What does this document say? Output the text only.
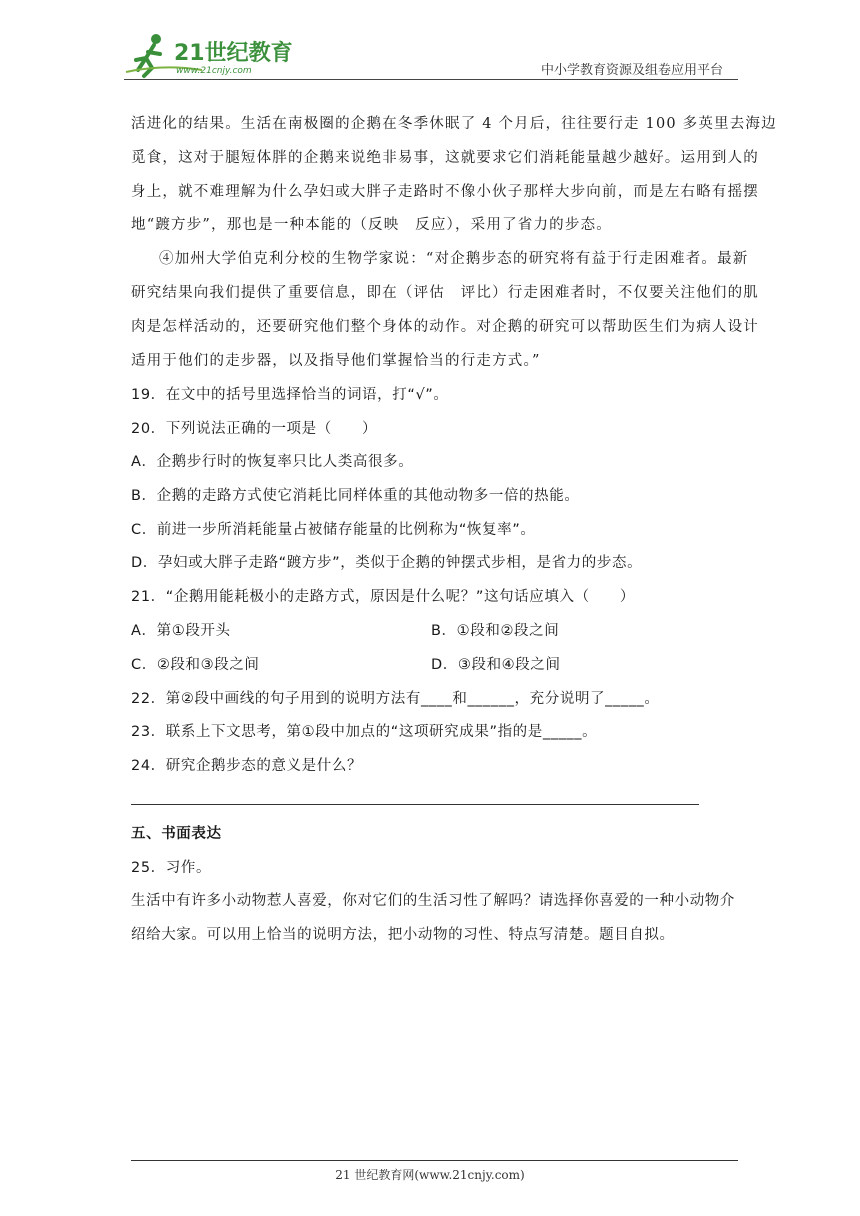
21世纪教育
www.21cnjy.com	中小学教育资源及组卷应用平台
活进化的结果。生活在南极圈的企鹅在冬季休眠了 4 个月后，往往要行走 100 多英里去海边
觅食，这对于腿短体胖的企鹅来说绝非易事，这就要求它们消耗能量越少越好。运用到人的
身上，就不难理解为什么孕妇或大胖子走路时不像小伙子那样大步向前，而是左右略有摇摆
地“踱方步”，那也是一种本能的（反映　反应），采用了省力的步态。
④加州大学伯克利分校的生物学家说：“对企鹅步态的研究将有益于行走困难者。最新
研究结果向我们提供了重要信息，即在（评估　评比）行走困难者时，不仅要关注他们的肌
肉是怎样活动的，还要研究他们整个身体的动作。对企鹅的研究可以帮助医生们为病人设计
适用于他们的走步器，以及指导他们掌握恰当的行走方式。”
19．在文中的括号里选择恰当的词语，打“√”。
20．下列说法正确的一项是（　　）
A．企鹅步行时的恢复率只比人类高很多。
B．企鹅的走路方式使它消耗比同样体重的其他动物多一倍的热能。
C．前进一步所消耗能量占被储存能量的比例称为“恢复率”。
D．孕妇或大胖子走路“踱方步”，类似于企鹅的钟摆式步相，是省力的步态。
21．“企鹅用能耗极小的走路方式，原因是什么呢？”这句话应填入（　　）
A．第①段开头	B．①段和②段之间
C．②段和③段之间	D．③段和④段之间
22．第②段中画线的句子用到的说明方法有____和______，充分说明了_____。
23．联系上下文思考，第①段中加点的“这项研究成果”指的是_____。
24．研究企鹅步态的意义是什么？
五、书面表达
25．习作。
生活中有许多小动物惹人喜爱，你对它们的生活习性了解吗？请选择你喜爱的一种小动物介
绍给大家。可以用上恰当的说明方法，把小动物的习性、特点写清楚。题目自拟。
21 世纪教育网(www.21cnjy.com)
